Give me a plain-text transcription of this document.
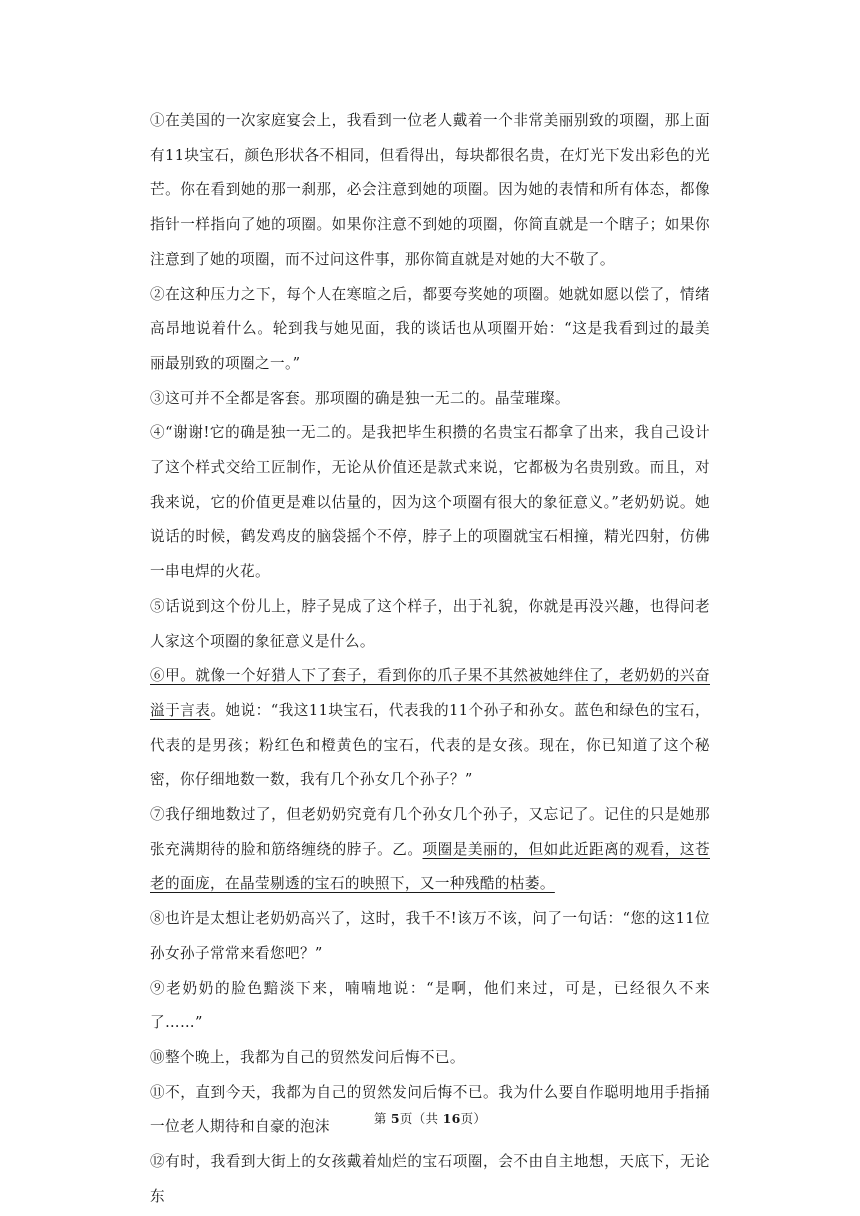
①在美国的一次家庭宴会上，我看到一位老人戴着一个非常美丽别致的项圈，那上面有11块宝石，颜色形状各不相同，但看得出，每块都很名贵，在灯光下发出彩色的光芒。你在看到她的那一刹那，必会注意到她的项圈。因为她的表情和所有体态，都像指针一样指向了她的项圈。如果你注意不到她的项圈，你简直就是一个瞎子；如果你注意到了她的项圈，而不过问这件事，那你简直就是对她的大不敬了。

②在这种压力之下，每个人在寒暄之后，都要夸奖她的项圈。她就如愿以偿了，情绪高昂地说着什么。轮到我与她见面，我的谈话也从项圈开始：“这是我看到过的最美丽最别致的项圈之一。”

③这可并不全都是客套。那项圈的确是独一无二的。晶莹璀璨。

④“谢谢!它的确是独一无二的。是我把毕生积攒的名贵宝石都拿了出来，我自己设计了这个样式交给工匠制作，无论从价值还是款式来说，它都极为名贵别致。而且，对我来说，它的价值更是难以估量的，因为这个项圈有很大的象征意义。”老奶奶说。她说话的时候，鹤发鸡皮的脑袋摇个不停，脖子上的项圈就宝石相撞，精光四射，仿佛一串电焊的火花。

⑤话说到这个份儿上，脖子晃成了这个样子，出于礼貌，你就是再没兴趣，也得问老人家这个项圈的象征意义是什么。

⑥甲。就像一个好猎人下了套子，看到你的爪子果不其然被她绊住了，老奶奶的兴奋溢于言表。她说：“我这11块宝石，代表我的11个孙子和孙女。蓝色和绿色的宝石，代表的是男孩；粉红色和橙黄色的宝石，代表的是女孩。现在，你已知道了这个秘密，你仔细地数一数，我有几个孙女几个孙子？”

⑦我仔细地数过了，但老奶奶究竟有几个孙女几个孙子，又忘记了。记住的只是她那张充满期待的脸和筋络缠绕的脖子。乙。项圈是美丽的，但如此近距离的观看，这苍老的面庞，在晶莹剔透的宝石的映照下，又一种残酷的枯萎。

⑧也许是太想让老奶奶高兴了，这时，我千不!该万不该，问了一句话：“您的这11位孙女孙子常常来看您吧？”

⑨老奶奶的脸色黯淡下来，喃喃地说：“是啊，他们来过，可是，已经很久不来了……”

⑩整个晚上，我都为自己的贸然发问后悔不已。

⑪不，直到今天，我都为自己的贸然发问后悔不已。我为什么要自作聪明地用手指捅一位老人期待和自豪的泡沫

⑫有时，我看到大街上的女孩戴着灿烂的宝石项圈，会不由自主地想，天底下，无论东

第 5页（共 16页）
